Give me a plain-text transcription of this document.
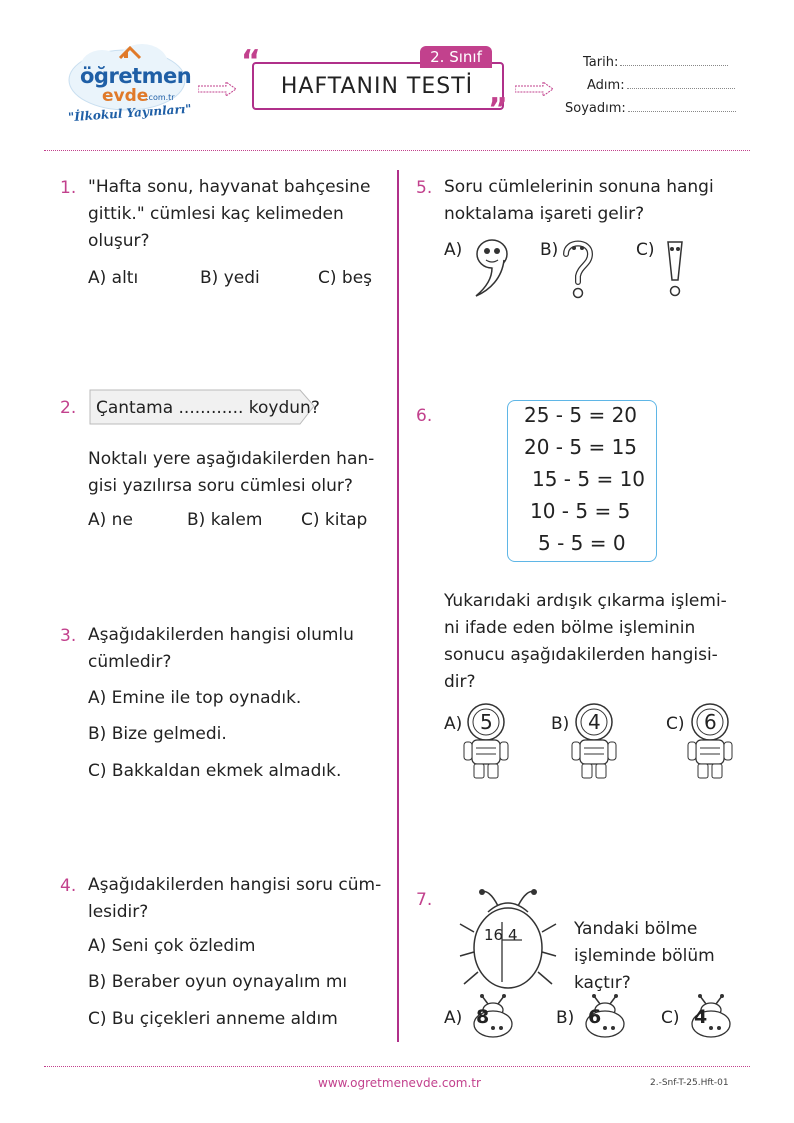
öğretmen
evde
.com.tr
"İlkokul Yayınları"
“
”
2. Sınıf
HAFTANIN TESTİ
Tarih:
Adım:
Soyadım:
1. "Hafta sonu, hayvanat bahçesine
gittik." cümlesi kaç kelimeden
oluşur?
A) altı	B) yedi	C) beş
2. Çantama ............ koydun?
Noktalı yere aşağıdakilerden han-
gisi yazılırsa soru cümlesi olur?
A) ne	B) kalem C) kitap
3. Aşağıdakilerden hangisi olumlu
cümledir?
A) Emine ile top oynadık.
B) Bize gelmedi.
C) Bakkaldan ekmek almadık.
4. Aşağıdakilerden hangisi soru cüm-
lesidir?
A) Seni çok özledim
B) Beraber oyun oynayalım mı
C) Bu çiçekleri anneme aldım
5. Soru cümlelerinin sonuna hangi
noktalama işareti gelir?
A)	B)	C)
6.	25 - 5 = 20
20 - 5 = 15
15 - 5 = 10
10 - 5 = 5
5 - 5 = 0
Yukarıdaki ardışık çıkarma işlemi-
ni ifade eden bölme işleminin
sonucu aşağıdakilerden hangisi-
dir?
A)	B)	C)
5	4	6
7.
16 4	Yandaki bölme
işleminde bölüm
kaçtır?
A)	B)	C)
8	6	4
www.ogretmenevde.com.tr	2.-Snf-T-25.Hft-01
